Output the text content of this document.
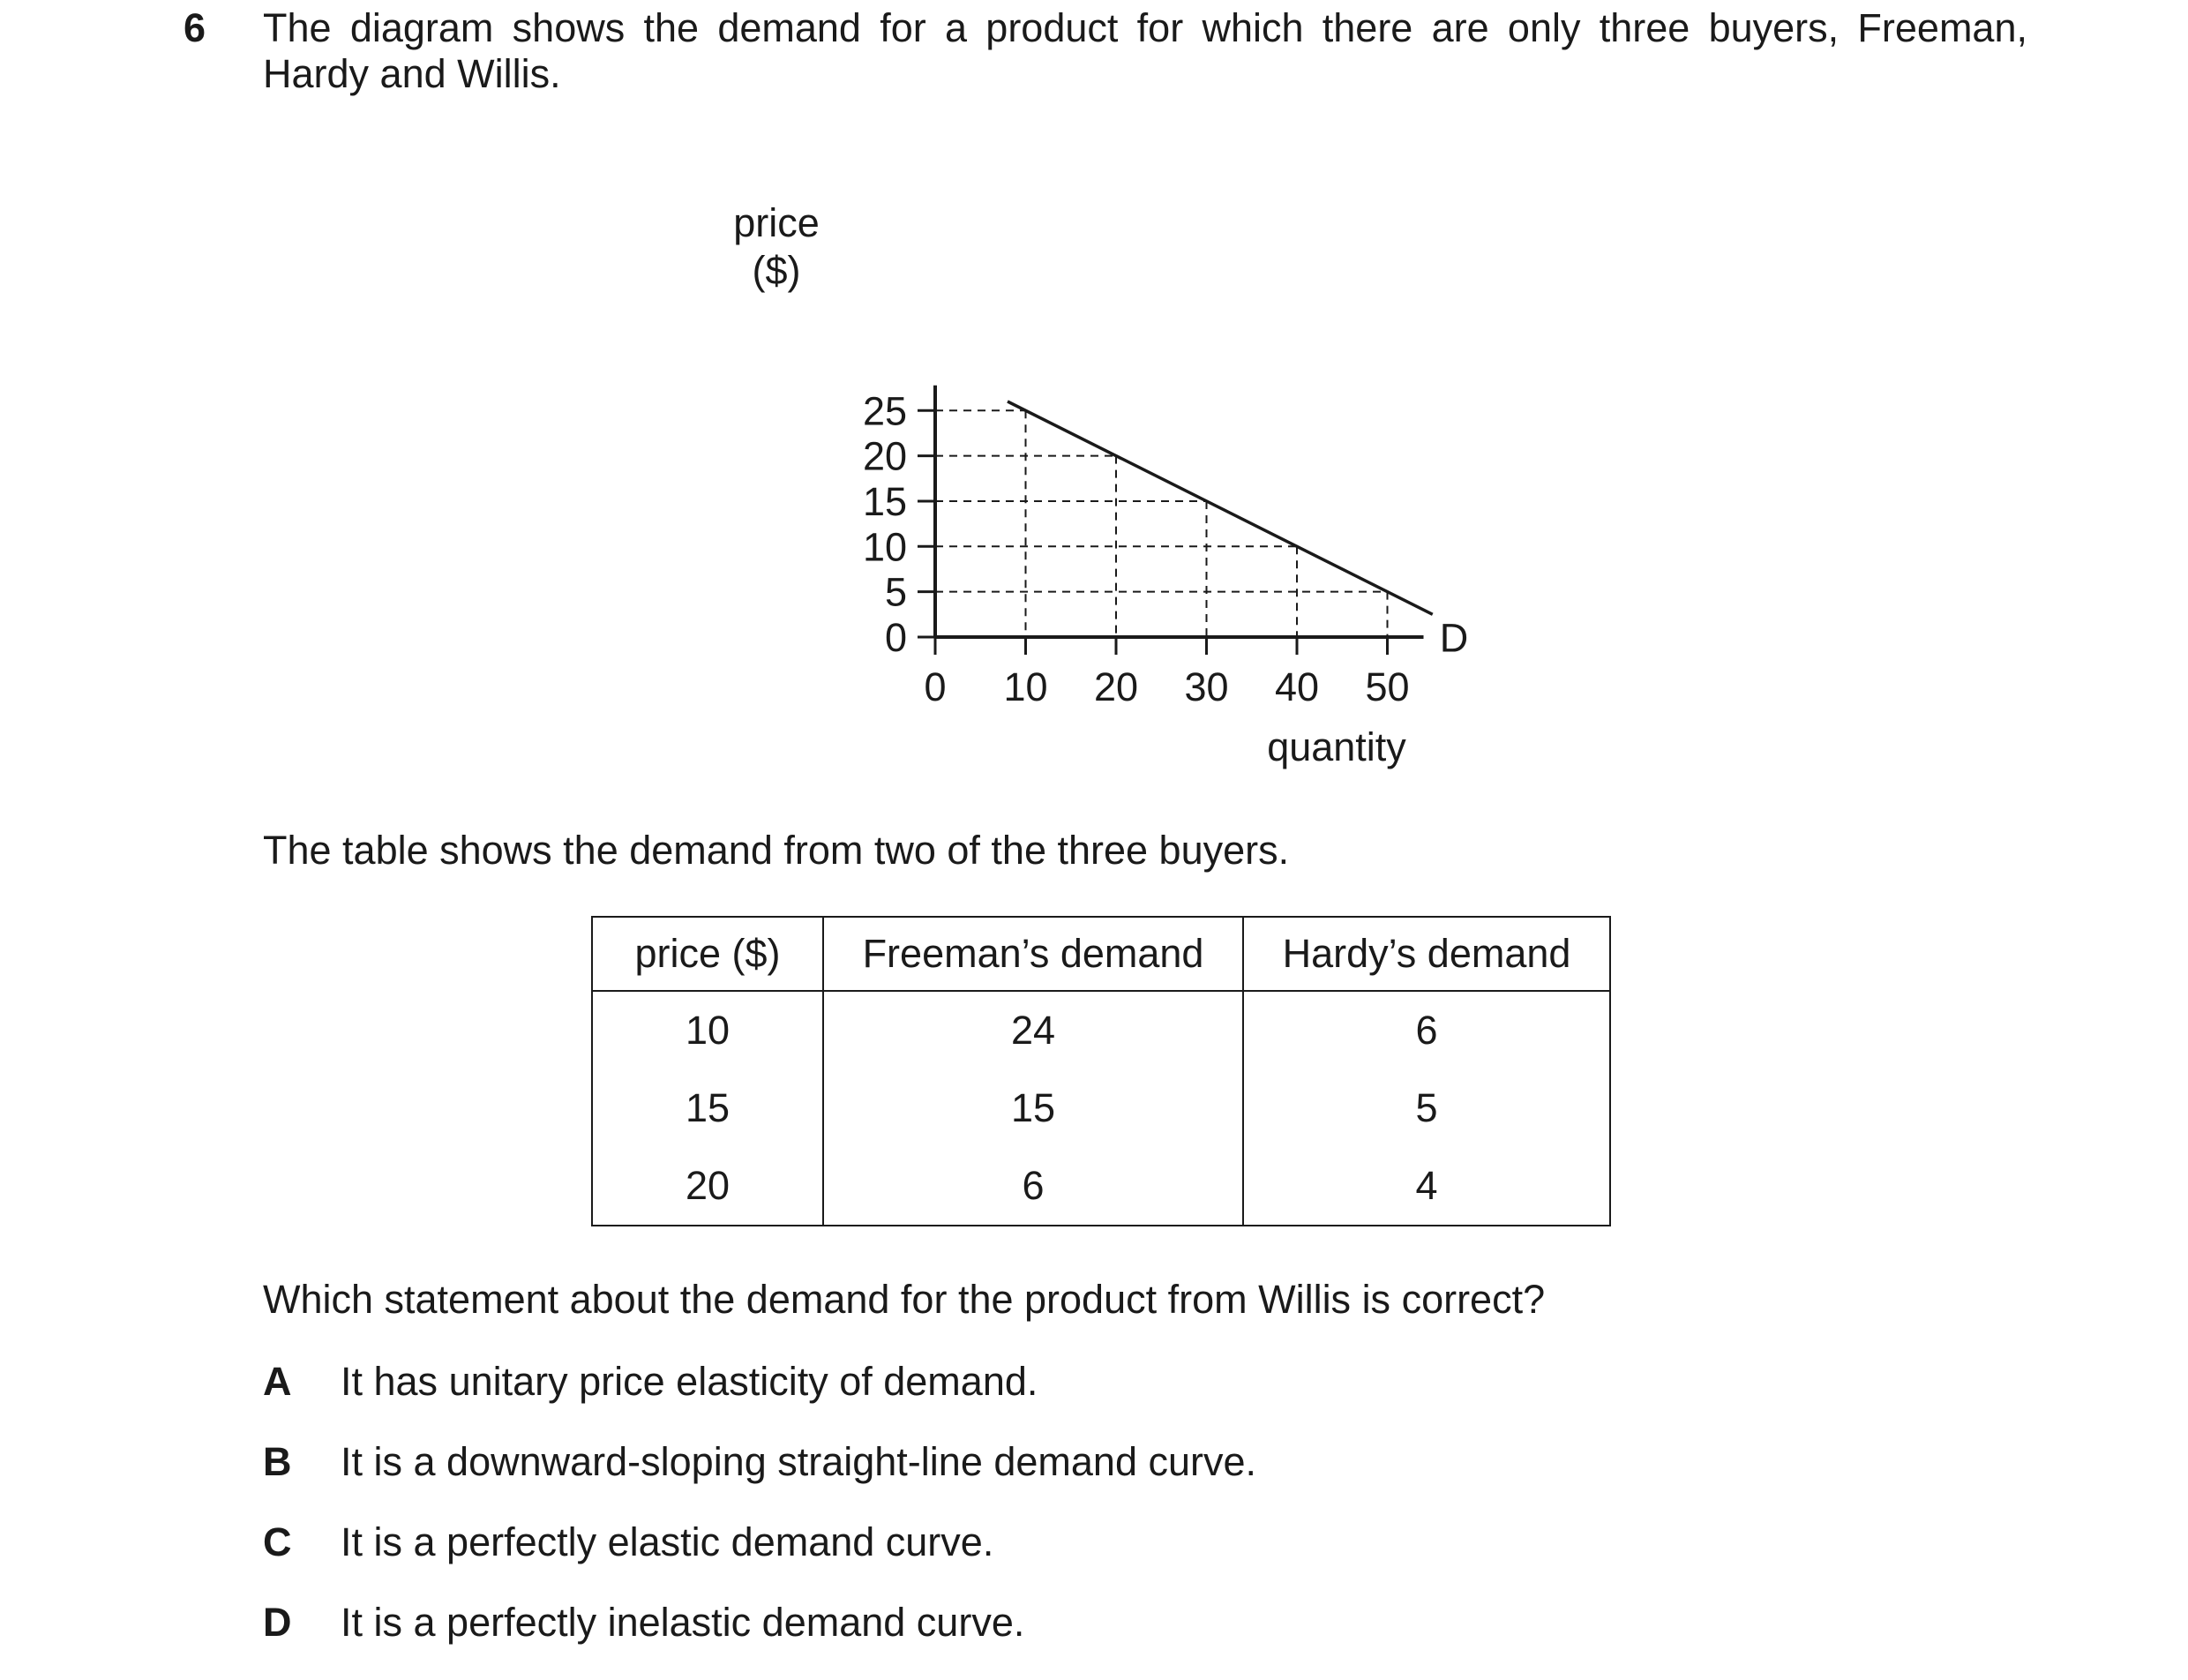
6 The diagram shows the demand for a product for which there are only three buyers, Freeman, Hardy and Willis.
0
5
10
15
20
25
0 10 20 30 40 50
D
price
($)
quantity
The table shows the demand from two of the three buyers.
price ($)	Freeman’s demand	Hardy’s demand
10	24	6
15	15	5
20	6	4
Which statement about the demand for the product from Willis is correct?
A It has unitary price elasticity of demand.
B It is a downward-sloping straight-line demand curve.
C It is a perfectly elastic demand curve.
D It is a perfectly inelastic demand curve.
